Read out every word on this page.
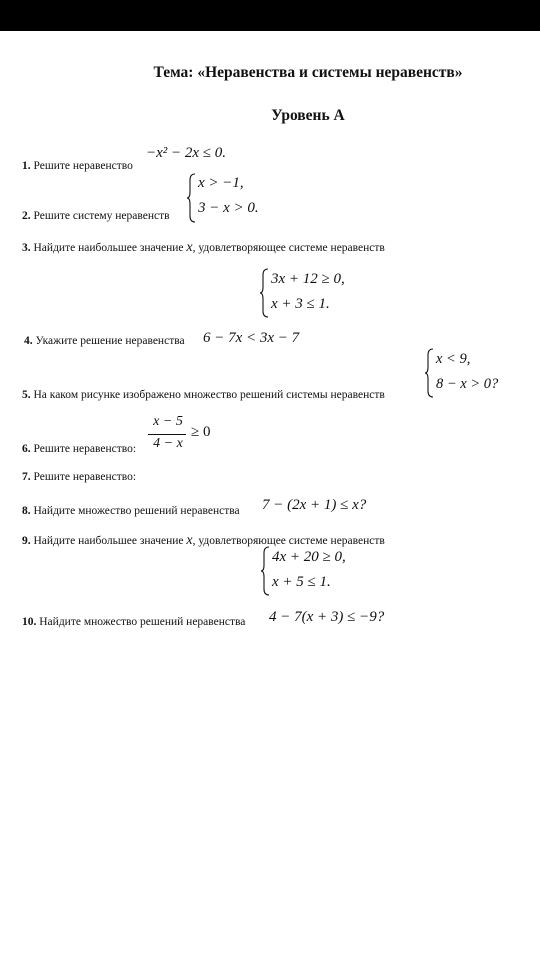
Тема: «Неравенства и системы неравенств»
Уровень А
1. Решите неравенство
−x² − 2x ≤ 0.
2. Решите систему неравенств
x > −1,
3 − x > 0.
3. Найдите наибольшее значение x, удовлетворяющее системе неравенств
3x + 12 ≥ 0,
x + 3 ≤ 1.
4. Укажите решение неравенства 6 − 7x < 3x − 7
5. На каком рисунке изображено множество решений системы неравенств
x < 9,
8 − x > 0?
6. Решите неравенство:
x − 5
4 − x
≥ 0
7. Решите неравенство:
8. Найдите множество решений неравенства 7 − (2x + 1) ≤ x?
9. Найдите наибольшее значение x, удовлетворяющее системе неравенств
4x + 20 ≥ 0,
x + 5 ≤ 1.
10. Найдите множество решений неравенства 4 − 7(x + 3) ≤ −9?
